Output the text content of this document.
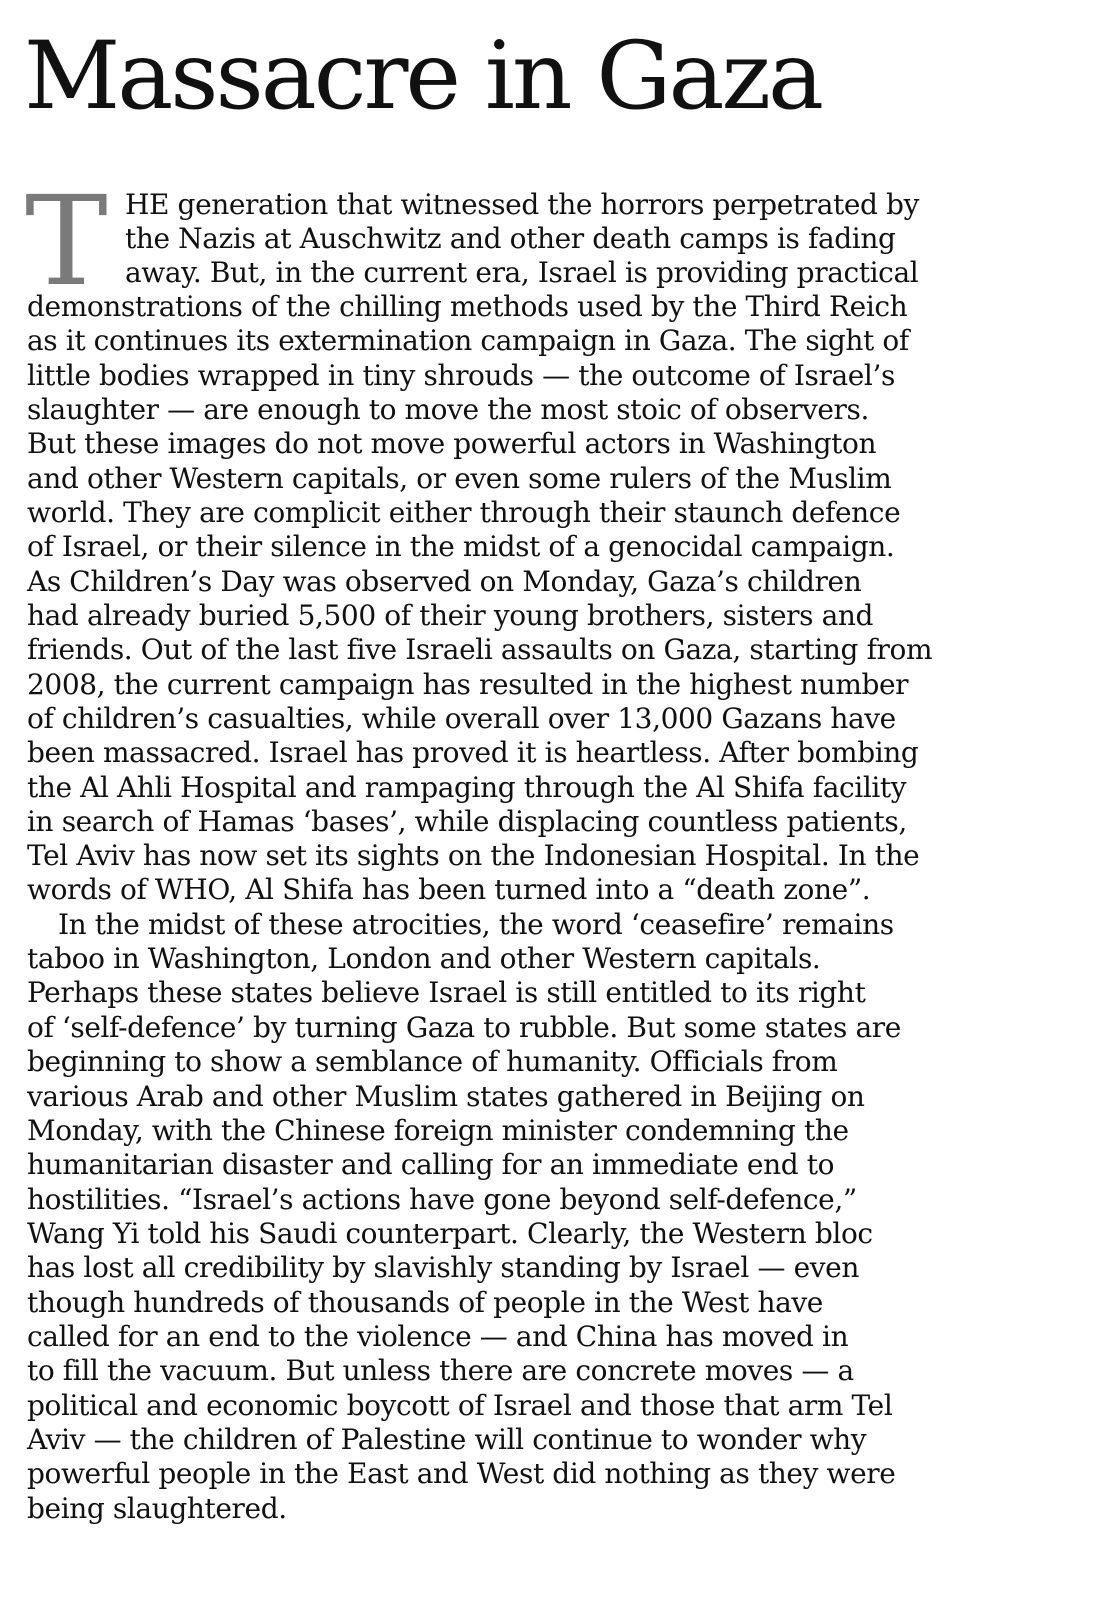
Massacre in Gaza
T HE generation that witnessed the horrors perpetrated by
the Nazis at Auschwitz and other death camps is fading
away. But, in the current era, Israel is providing practical
demonstrations of the chilling methods used by the Third Reich
as it continues its extermination campaign in Gaza. The sight of
little bodies wrapped in tiny shrouds — the outcome of Israel’s
slaughter — are enough to move the most stoic of observers.
But these images do not move powerful actors in Washington
and other Western capitals, or even some rulers of the Muslim
world. They are complicit either through their staunch defence
of Israel, or their silence in the midst of a genocidal campaign.
As Children’s Day was observed on Monday, Gaza’s children
had already buried 5,500 of their young brothers, sisters and
friends. Out of the last five Israeli assaults on Gaza, starting from
2008, the current campaign has resulted in the highest number
of children’s casualties, while overall over 13,000 Gazans have
been massacred. Israel has proved it is heartless. After bombing
the Al Ahli Hospital and rampaging through the Al Shifa facility
in search of Hamas ‘bases’, while displacing countless patients,
Tel Aviv has now set its sights on the Indonesian Hospital. In the
words of WHO, Al Shifa has been turned into a “death zone”.
In the midst of these atrocities, the word ‘ceasefire’ remains
taboo in Washington, London and other Western capitals.
Perhaps these states believe Israel is still entitled to its right
of ‘self-defence’ by turning Gaza to rubble. But some states are
beginning to show a semblance of humanity. Officials from
various Arab and other Muslim states gathered in Beijing on
Monday, with the Chinese foreign minister condemning the
humanitarian disaster and calling for an immediate end to
hostilities. “Israel’s actions have gone beyond self-defence,”
Wang Yi told his Saudi counterpart. Clearly, the Western bloc
has lost all credibility by slavishly standing by Israel — even
though hundreds of thousands of people in the West have
called for an end to the violence — and China has moved in
to fill the vacuum. But unless there are concrete moves — a
political and economic boycott of Israel and those that arm Tel
Aviv — the children of Palestine will continue to wonder why
powerful people in the East and West did nothing as they were
being slaughtered.
